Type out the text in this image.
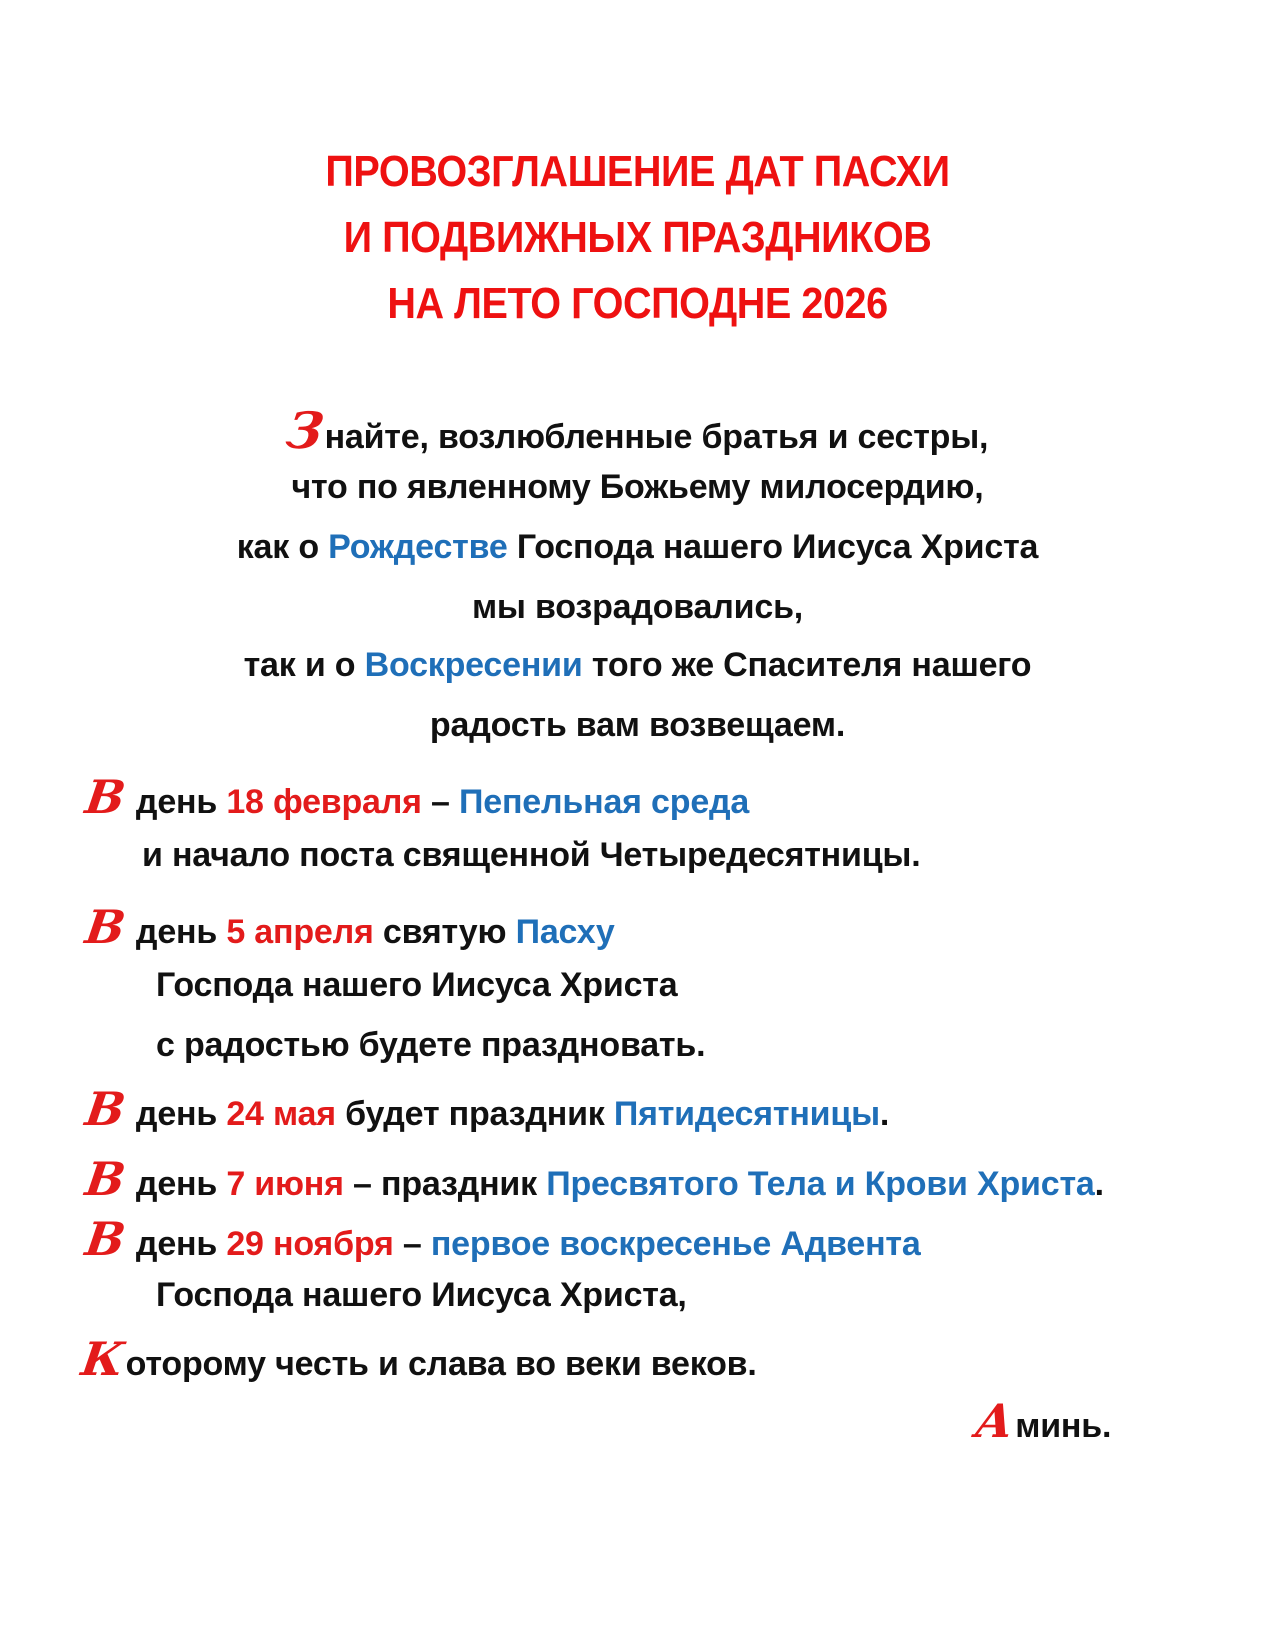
ПРОВОЗГЛАШЕНИЕ ДАТ ПАСХИ
И ПОДВИЖНЫХ ПРАЗДНИКОВ
НА ЛЕТО ГОСПОДНЕ 2026
Знайте, возлюбленные братья и сестры,
что по явленному Божьему милосердию,
как о Рождестве Господа нашего Иисуса Христа
мы возрадовались,
так и о Воскресении того же Спасителя нашего
радость вам возвещаем.
В день 18 февраля – Пепельная среда
и начало поста священной Четыредесятницы.
В день 5 апреля святую Пасху
Господа нашего Иисуса Христа
с радостью будете праздновать.
В день 24 мая будет праздник Пятидесятницы.
В день 7 июня – праздник Пресвятого Тела и Крови Христа.
В день 29 ноября – первое воскресенье Адвента
Господа нашего Иисуса Христа,
Которому честь и слава во веки веков.
Аминь.
